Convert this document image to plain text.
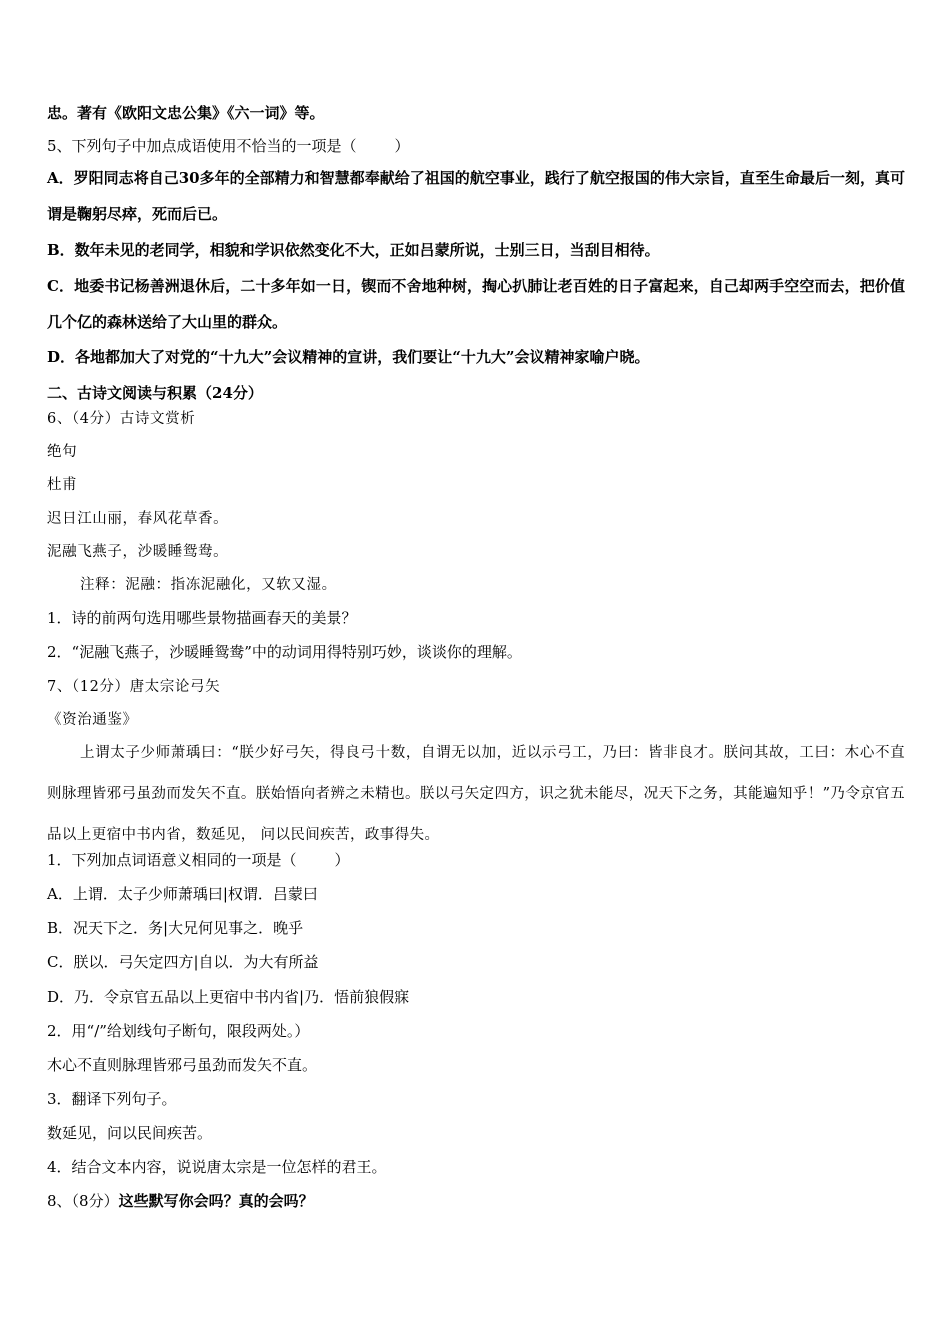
忠。著有《欧阳文忠公集》《六一词》等。
5、下列句子中加点成语使用不恰当的一项是（	）
A．罗阳同志将自己30多年的全部精力和智慧都奉献给了祖国的航空事业，践行了航空报国的伟大宗旨，直至生命最后一刻，真可谓是鞠躬尽瘁，死而后已。
B．数年未见的老同学，相貌和学识依然变化不大，正如吕蒙所说，士别三日，当刮目相待。
C．地委书记杨善洲退休后，二十多年如一日，锲而不舍地种树，掏心扒肺让老百姓的日子富起来，自己却两手空空而去，把价值几个亿的森林送给了大山里的群众。
D．各地都加大了对党的“十九大”会议精神的宣讲，我们要让“十九大”会议精神家喻户晓。
二、古诗文阅读与积累（24分）
6、（4分）古诗文赏析
绝句
杜甫
迟日江山丽，春风花草香。
泥融飞燕子，沙暖睡鸳鸯。
注释：泥融：指冻泥融化，又软又湿。
1．诗的前两句选用哪些景物描画春天的美景？
2．“泥融飞燕子，沙暖睡鸳鸯”中的动词用得特别巧妙，谈谈你的理解。
7、（12分）唐太宗论弓矢
《资治通鉴》
上谓太子少师萧瑀曰：“朕少好弓矢，得良弓十数，自谓无以加，近以示弓工，乃曰：皆非良才。朕问其故，工曰：木心不直则脉理皆邪弓虽劲而发矢不直。朕始悟向者辨之未精也。朕以弓矢定四方，识之犹未能尽，况天下之务，其能遍知乎！”乃令京官五品以上更宿中书内省，数延见， 问以民间疾苦，政事得失。
1．下列加点词语意义相同的一项是（	）
A．上谓．太子少师萧瑀曰|权谓．吕蒙曰
B．况天下之．务|大兄何见事之．晚乎
C．朕以．弓矢定四方|自以．为大有所益
D．乃．令京官五品以上更宿中书内省|乃．悟前狼假寐
2．用“/”给划线句子断句，限段两处。）
木心不直则脉理皆邪弓虽劲而发矢不直。
3．翻译下列句子。
数延见，问以民间疾苦。
4．结合文本内容，说说唐太宗是一位怎样的君王。
8、（8分）这些默写你会吗？真的会吗？
